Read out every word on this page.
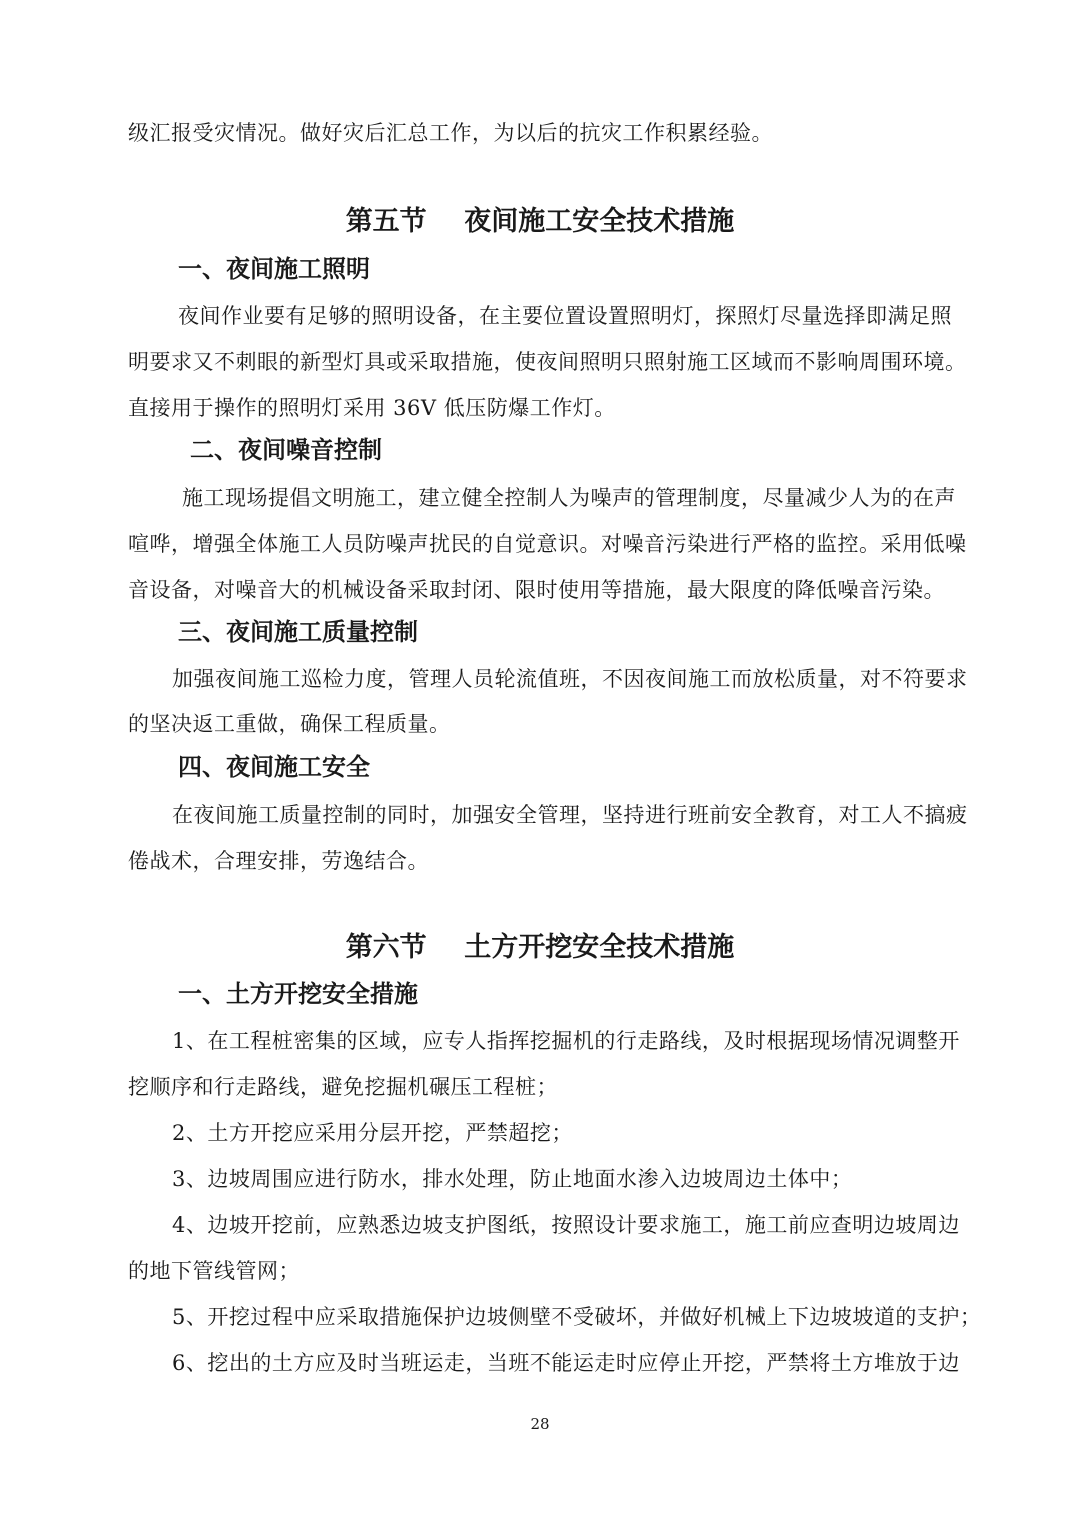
级汇报受灾情况。做好灾后汇总工作，为以后的抗灾工作积累经验。
第五节    夜间施工安全技术措施
一、夜间施工照明
夜间作业要有足够的照明设备，在主要位置设置照明灯，探照灯尽量选择即满足照
明要求又不刺眼的新型灯具或采取措施，使夜间照明只照射施工区域而不影响周围环境。
直接用于操作的照明灯采用 36V 低压防爆工作灯。
二、夜间噪音控制
施工现场提倡文明施工，建立健全控制人为噪声的管理制度，尽量减少人为的在声
喧哗，增强全体施工人员防噪声扰民的自觉意识。对噪音污染进行严格的监控。采用低噪
音设备，对噪音大的机械设备采取封闭、限时使用等措施，最大限度的降低噪音污染。
三、夜间施工质量控制
加强夜间施工巡检力度，管理人员轮流值班，不因夜间施工而放松质量，对不符要求
的坚决返工重做，确保工程质量。
四、夜间施工安全
在夜间施工质量控制的同时，加强安全管理，坚持进行班前安全教育，对工人不搞疲
倦战术，合理安排，劳逸结合。
第六节    土方开挖安全技术措施
一、土方开挖安全措施
1、在工程桩密集的区域，应专人指挥挖掘机的行走路线，及时根据现场情况调整开
挖顺序和行走路线，避免挖掘机碾压工程桩；
2、土方开挖应采用分层开挖，严禁超挖；
3、边坡周围应进行防水，排水处理，防止地面水渗入边坡周边土体中；
4、边坡开挖前，应熟悉边坡支护图纸，按照设计要求施工，施工前应查明边坡周边
的地下管线管网；
5、开挖过程中应采取措施保护边坡侧壁不受破坏，并做好机械上下边坡坡道的支护；
6、挖出的土方应及时当班运走，当班不能运走时应停止开挖，严禁将土方堆放于边
28
